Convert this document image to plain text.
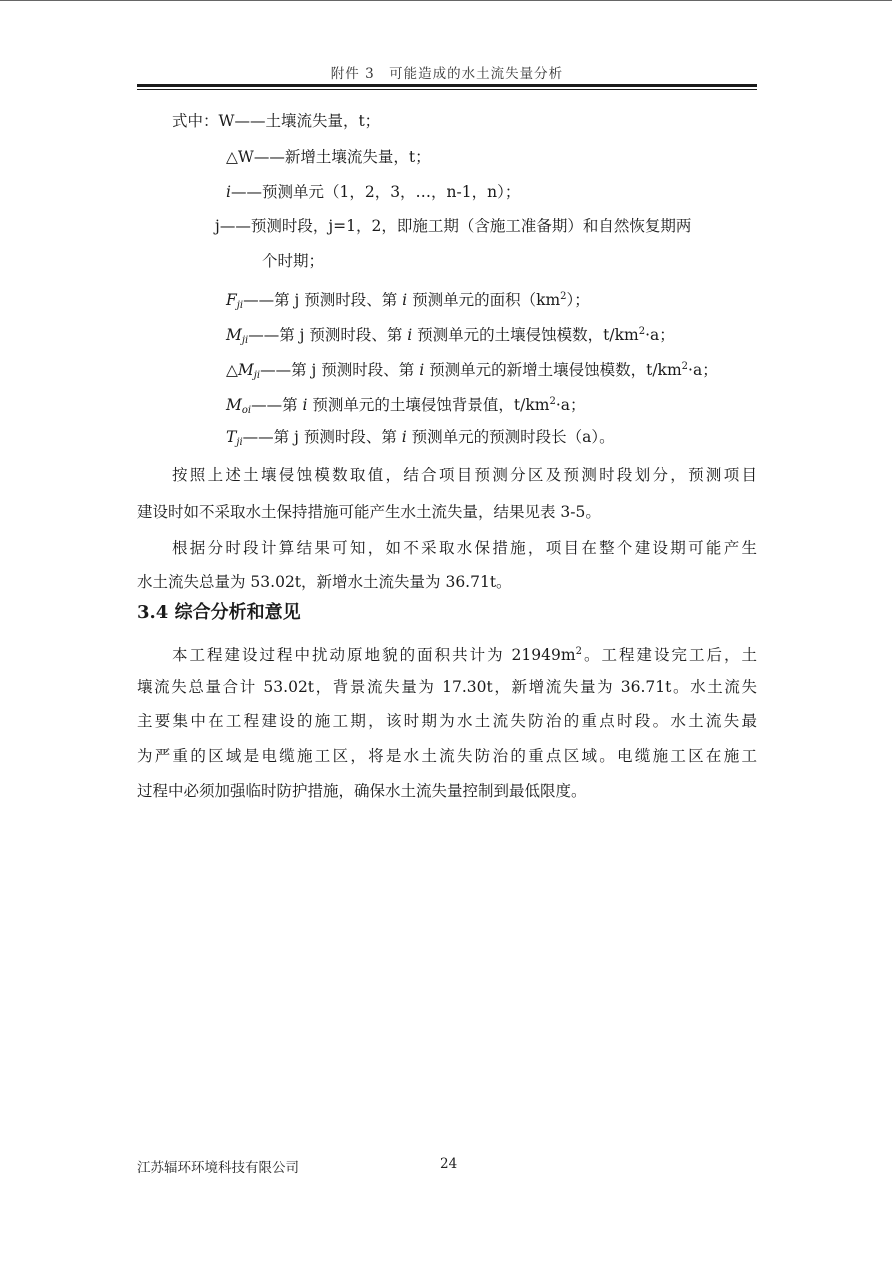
附件 3　可能造成的水土流失量分析
式中：W——土壤流失量，t；
△W——新增土壤流失量，t；
i——预测单元（1，2，3，…，n-1，n）；
j——预测时段，j=1，2，即施工期（含施工准备期）和自然恢复期两
个时期；
$F_{ji}——$第 j 预测时段、第 i 预测单元的面积$(km^2)$；
$M_{ji}——$第 j 预测时段、第 i 预测单元的土壤侵蚀模数，$t/km^2\cdot a$；
$\triangle M_{ji}——$第 j 预测时段、第 i 预测单元的新增土壤侵蚀模数，$t/km^2\cdot a$；
$M_{oi}——$第 i 预测单元的土壤侵蚀背景值，$t/km^2\cdot a$；
$T_{ji}——$第 j 预测时段、第 i 预测单元的预测时段长（a）。
按照上述土壤侵蚀模数取值，结合项目预测分区及预测时段划分，预测项目
建设时如不采取水土保持措施可能产生水土流失量，结果见表 3-5。
根据分时段计算结果可知，如不采取水保措施，项目在整个建设期可能产生
水土流失总量为 53.02t，新增水土流失量为 36.71t。
3.4 综合分析和意见
本工程建设过程中扰动原地貌的面积共计为 $21949m^2$。工程建设完工后，土
壤流失总量合计 53.02t，背景流失量为 17.30t，新增流失量为 36.71t。水土流失
主要集中在工程建设的施工期，该时期为水土流失防治的重点时段。水土流失最
为严重的区域是电缆施工区，将是水土流失防治的重点区域。电缆施工区在施工
过程中必须加强临时防护措施，确保水土流失量控制到最低限度。
江苏辐环环境科技有限公司	24
